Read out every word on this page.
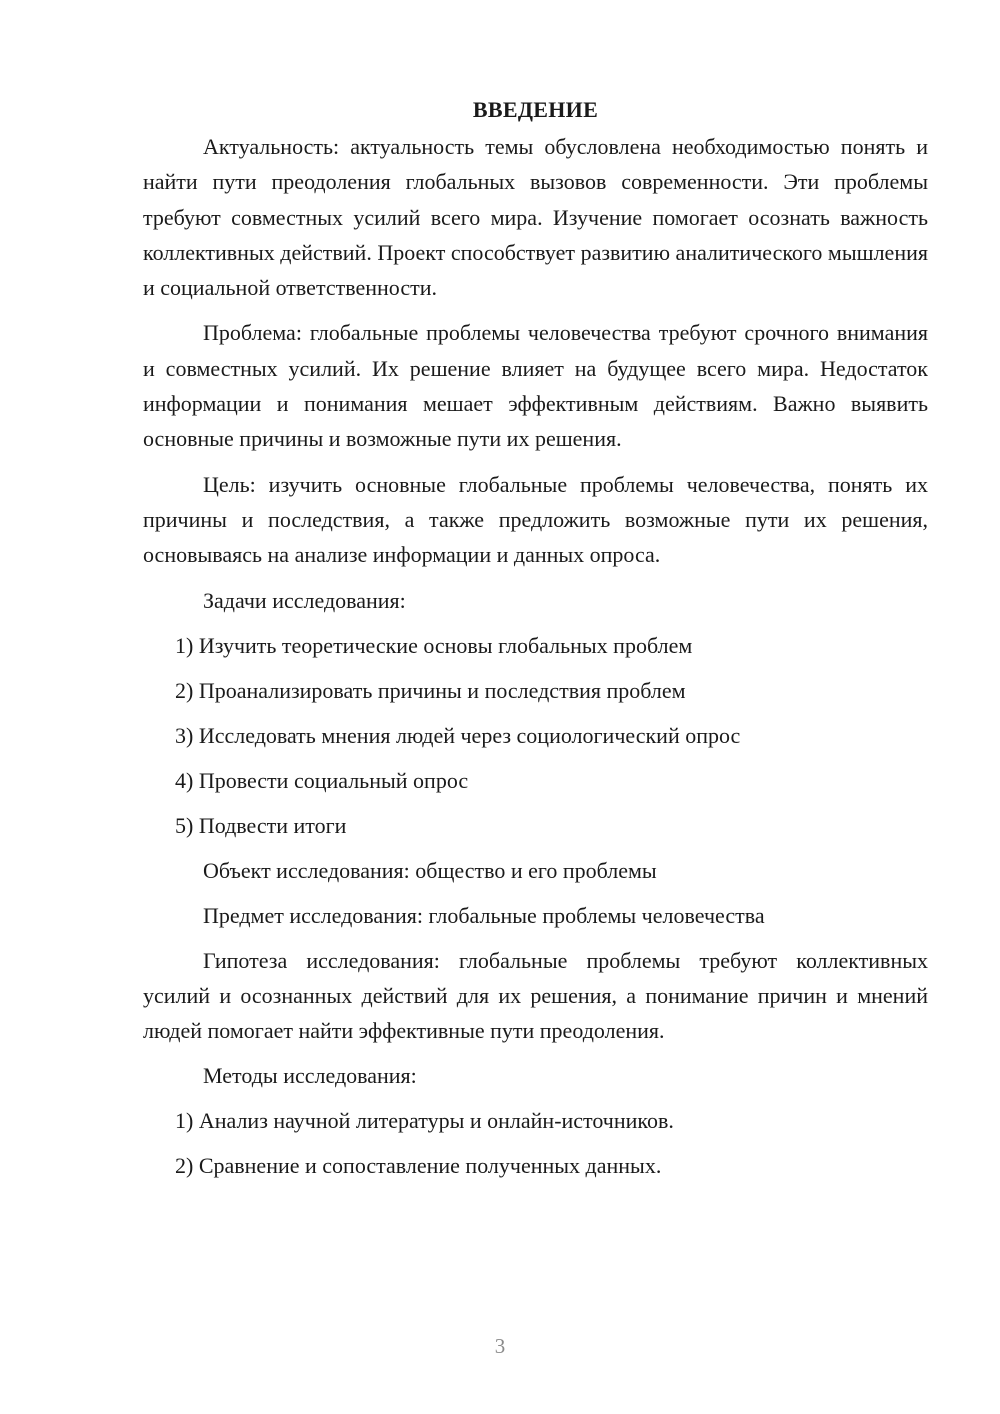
ВВЕДЕНИЕ

Актуальность: актуальность темы обусловлена необходимостью понять и найти пути преодоления глобальных вызовов современности. Эти проблемы требуют совместных усилий всего мира. Изучение помогает осознать важность коллективных действий. Проект способствует развитию аналитического мышления и социальной ответственности.

Проблема: глобальные проблемы человечества требуют срочного внимания и совместных усилий. Их решение влияет на будущее всего мира. Недостаток информации и понимания мешает эффективным действиям. Важно выявить основные причины и возможные пути их решения.

Цель: изучить основные глобальные проблемы человечества, понять их причины и последствия, а также предложить возможные пути их решения, основываясь на анализе информации и данных опроса.

Задачи исследования:
1) Изучить теоретические основы глобальных проблем
2) Проанализировать причины и последствия проблем
3) Исследовать мнения людей через социологический опрос
4) Провести социальный опрос
5) Подвести итоги
Объект исследования: общество и его проблемы
Предмет исследования: глобальные проблемы человечества

Гипотеза исследования: глобальные проблемы требуют коллективных усилий и осознанных действий для их решения, а понимание причин и мнений людей помогает найти эффективные пути преодоления.

Методы исследования:
1) Анализ научной литературы и онлайн-источников.
2) Сравнение и сопоставление полученных данных.
3
